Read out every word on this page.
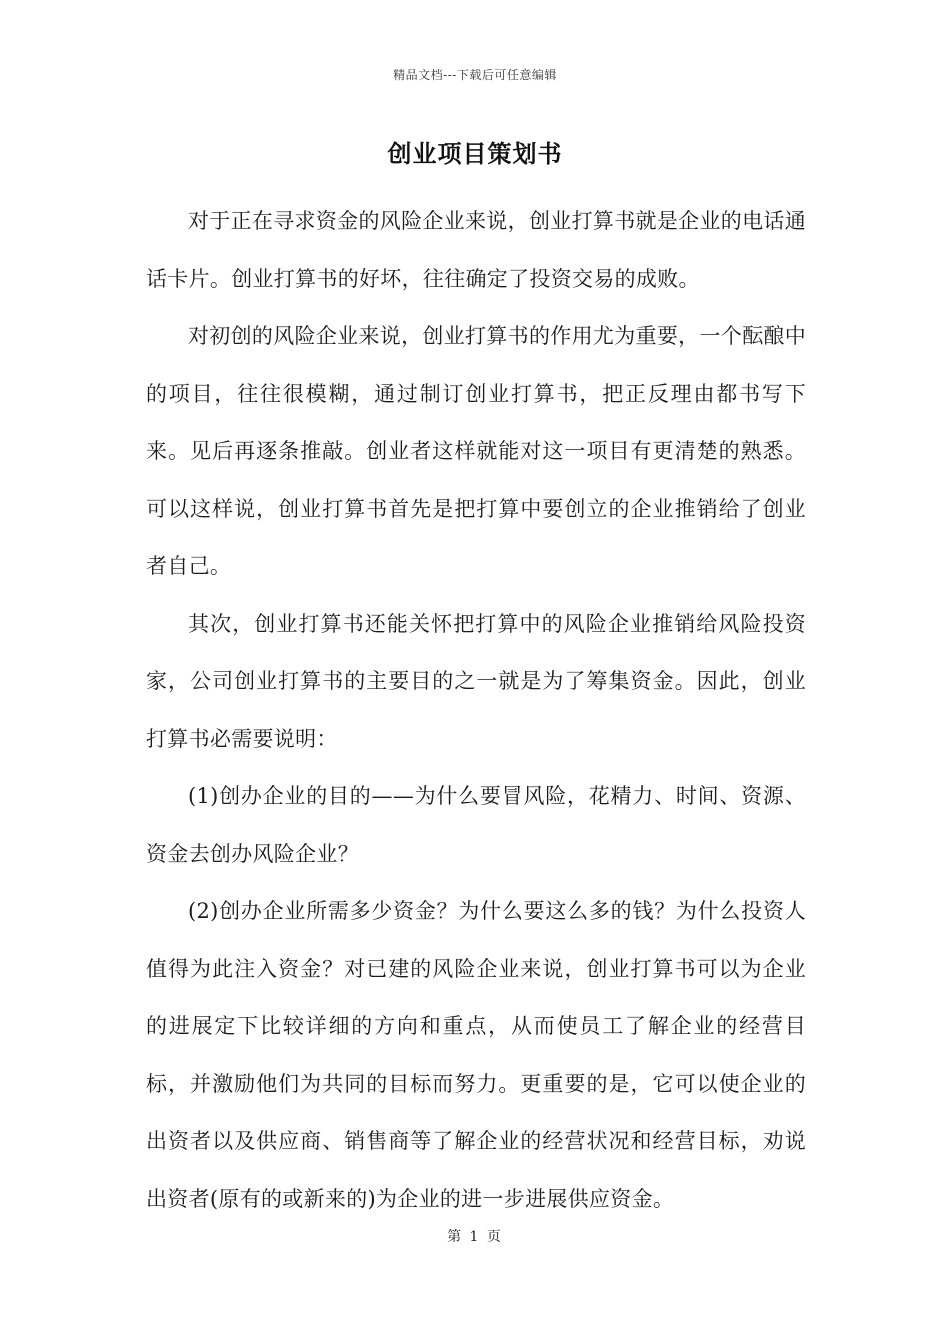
精品文档---下载后可任意编辑
创业项目策划书

对于正在寻求资金的风险企业来说，创业打算书就是企业的电话通话卡片。创业打算书的好坏，往往确定了投资交易的成败。

对初创的风险企业来说，创业打算书的作用尤为重要，一个酝酿中的项目，往往很模糊，通过制订创业打算书，把正反理由都书写下来。见后再逐条推敲。创业者这样就能对这一项目有更清楚的熟悉。可以这样说，创业打算书首先是把打算中要创立的企业推销给了创业者自己。

其次，创业打算书还能关怀把打算中的风险企业推销给风险投资家，公司创业打算书的主要目的之一就是为了筹集资金。因此，创业打算书必需要说明：

(1)创办企业的目的——为什么要冒风险，花精力、时间、资源、资金去创办风险企业？

(2)创办企业所需多少资金？为什么要这么多的钱？为什么投资人值得为此注入资金？对已建的风险企业来说，创业打算书可以为企业的进展定下比较详细的方向和重点，从而使员工了解企业的经营目标，并激励他们为共同的目标而努力。更重要的是，它可以使企业的出资者以及供应商、销售商等了解企业的经营状况和经营目标，劝说出资者(原有的或新来的)为企业的进一步进展供应资金。

第 1 页
